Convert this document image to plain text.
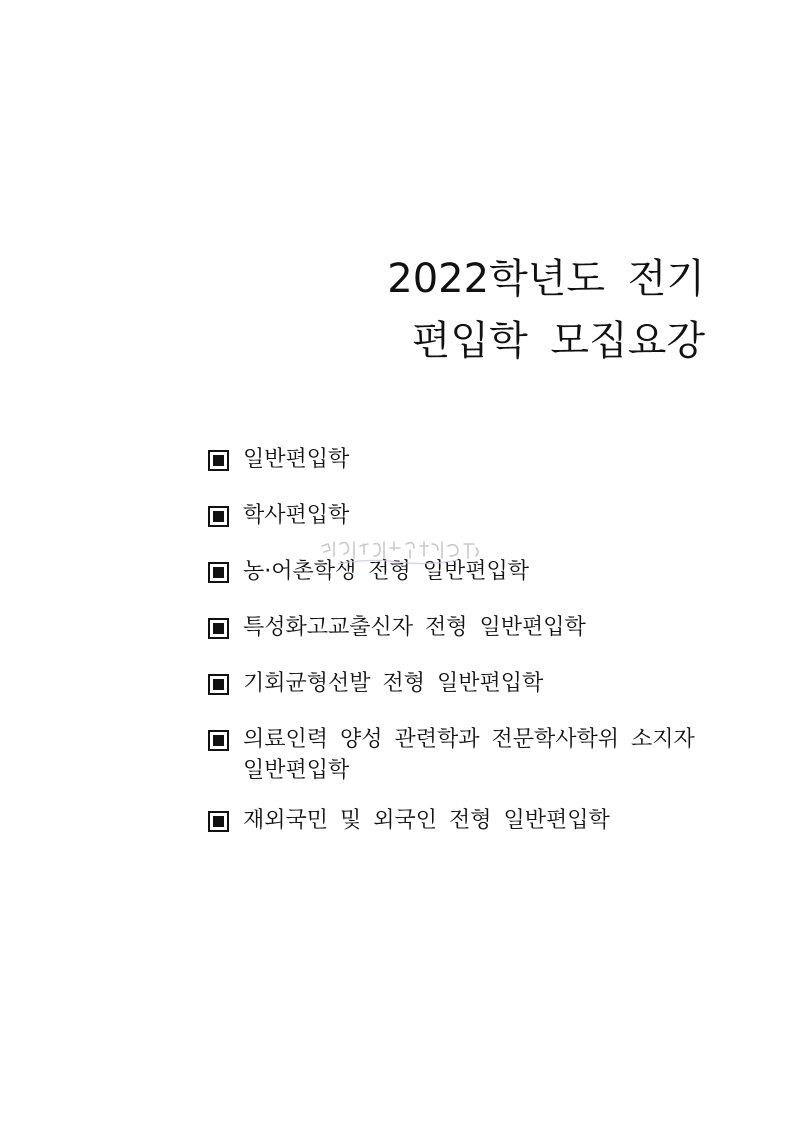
2022학년도 전기
편입학 모집요강
일반편입학
학사편입학
농·어촌학생 전형 일반편입학
특성화고교출신자 전형 일반편입학
기회균형선발 전형 일반편입학
의료인력 양성 관련학과 전문학사학위 소지자
일반편입학
재외국민 및 외국인 전형 일반편입학
